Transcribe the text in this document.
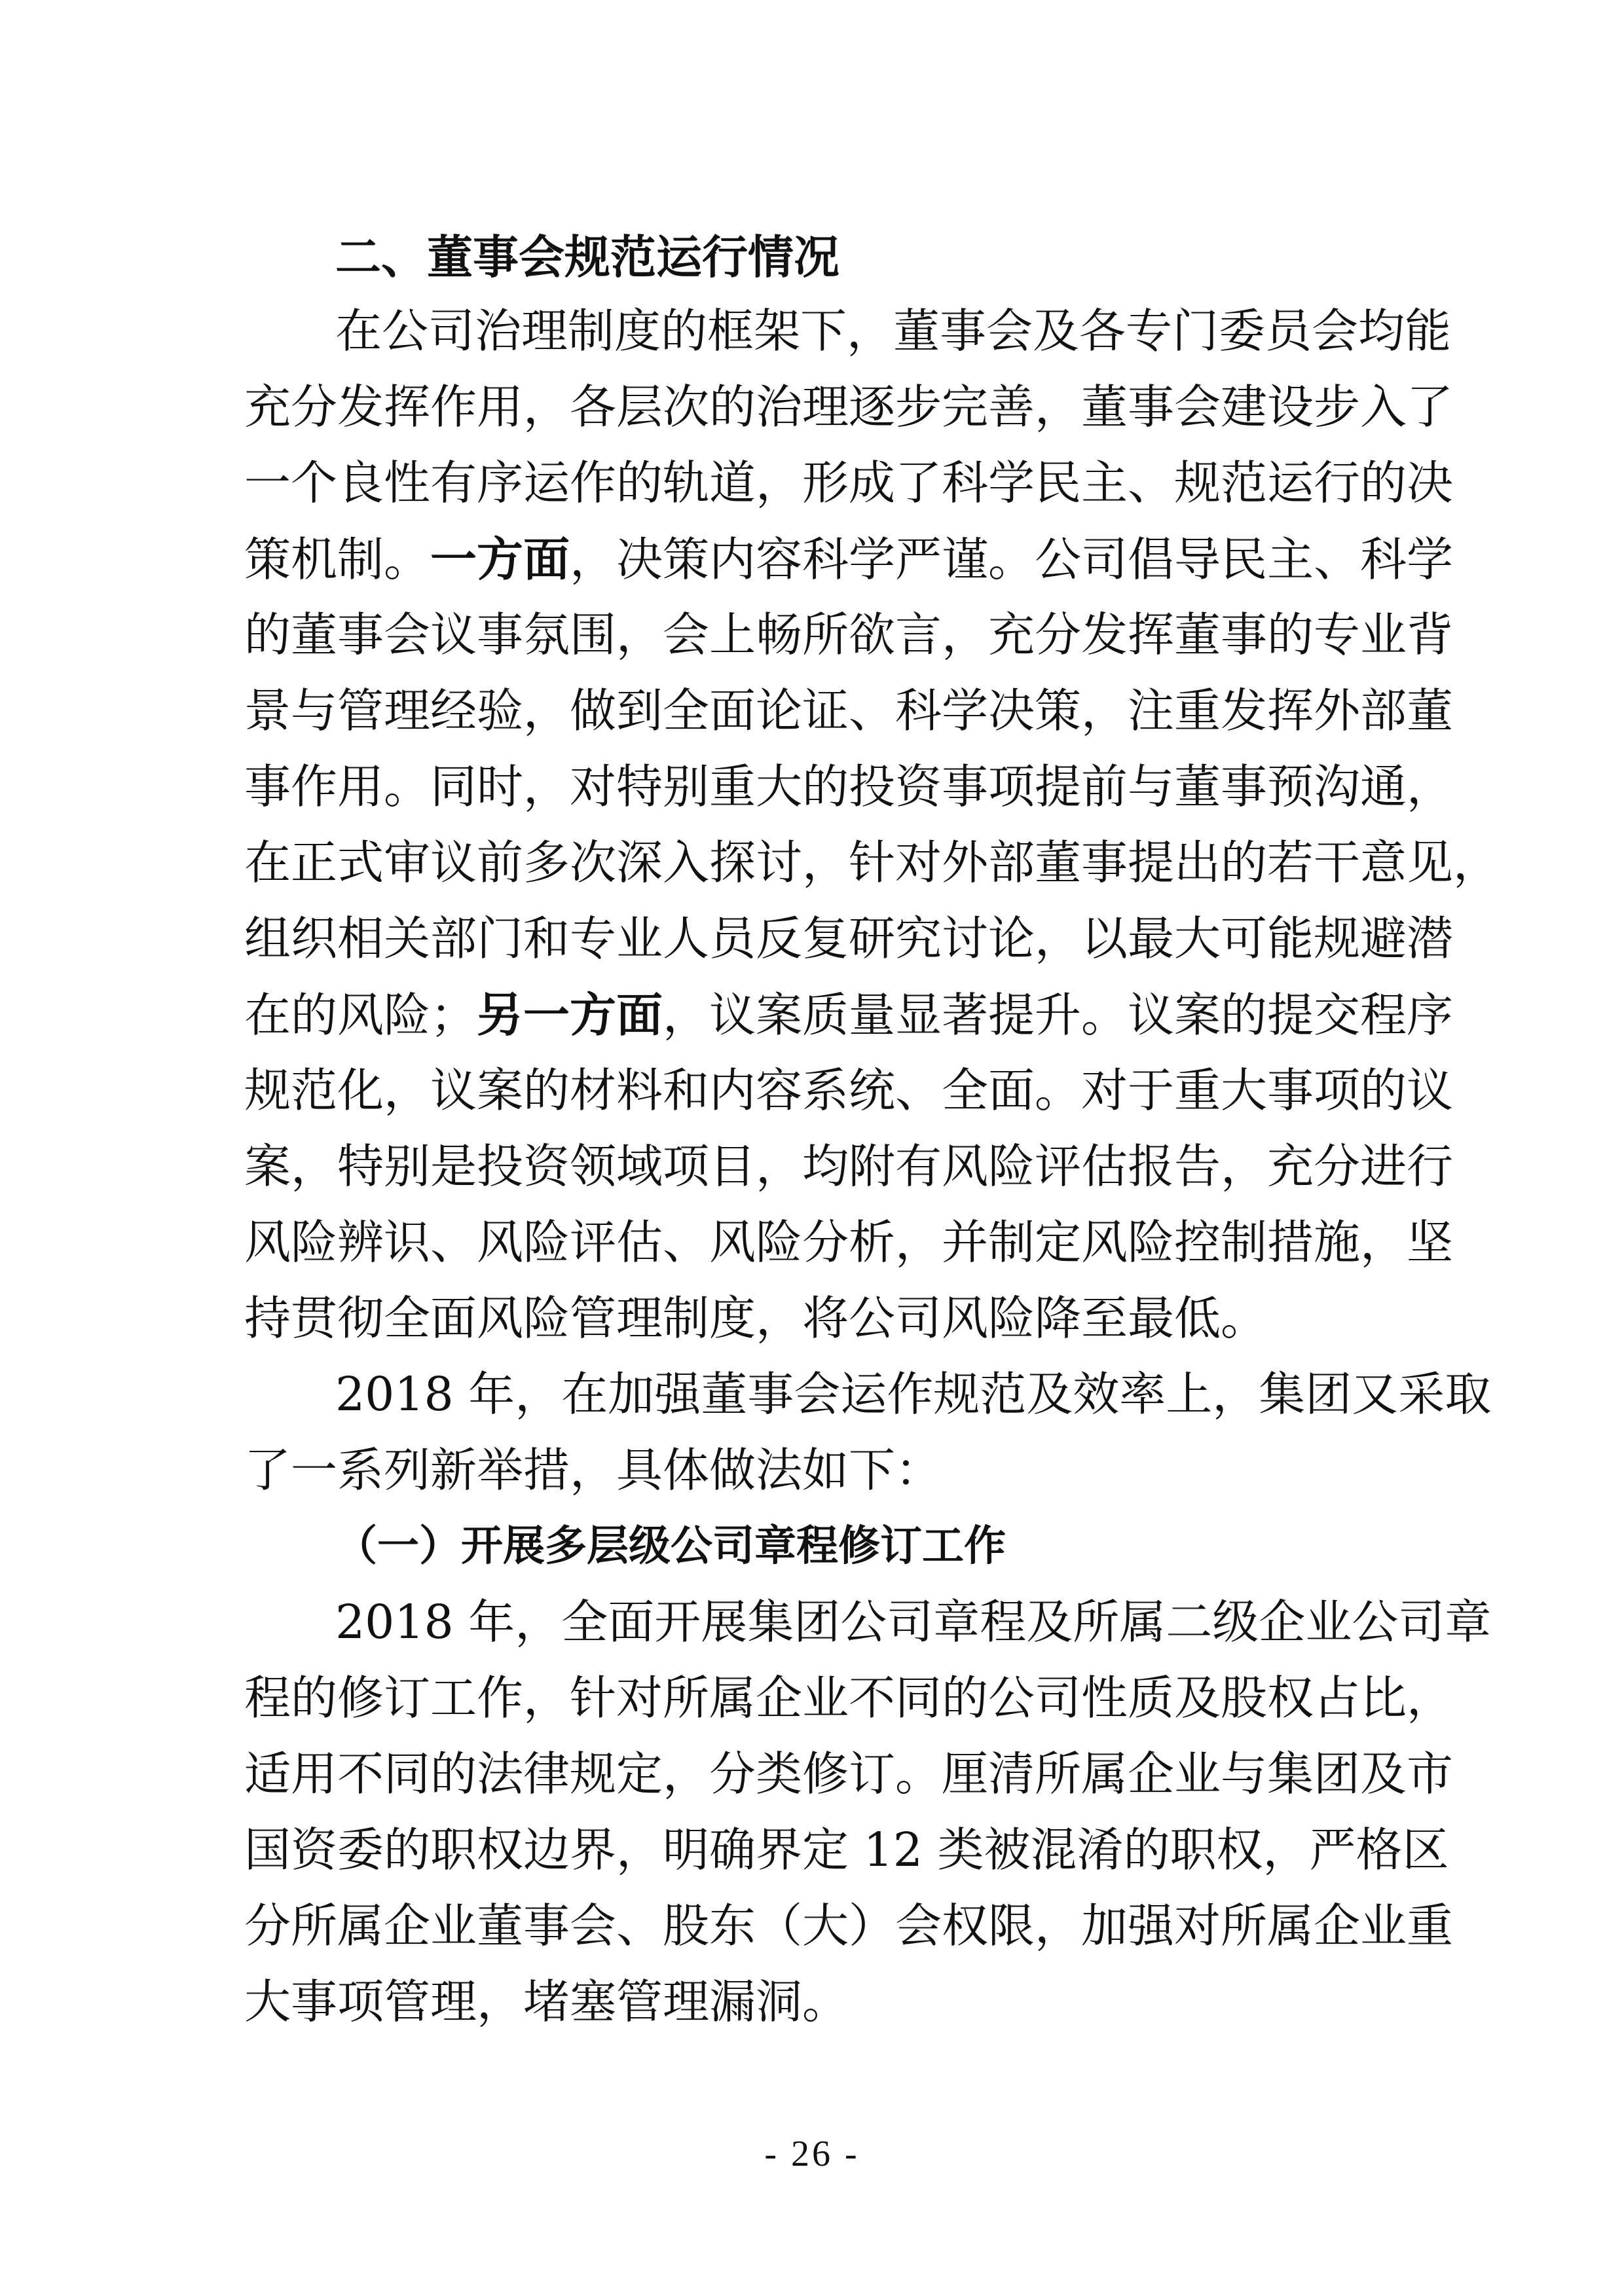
二、董事会规范运行情况
在公司治理制度的框架下，董事会及各专门委员会均能
充分发挥作用，各层次的治理逐步完善，董事会建设步入了
一个良性有序运作的轨道，形成了科学民主、规范运行的决
策机制。一方面，决策内容科学严谨。公司倡导民主、科学
的董事会议事氛围，会上畅所欲言，充分发挥董事的专业背
景与管理经验，做到全面论证、科学决策，注重发挥外部董
事作用。同时，对特别重大的投资事项提前与董事预沟通，
在正式审议前多次深入探讨，针对外部董事提出的若干意见，
组织相关部门和专业人员反复研究讨论，以最大可能规避潜
在的风险；另一方面，议案质量显著提升。议案的提交程序
规范化，议案的材料和内容系统、全面。对于重大事项的议
案，特别是投资领域项目，均附有风险评估报告，充分进行
风险辨识、风险评估、风险分析，并制定风险控制措施，坚
持贯彻全面风险管理制度，将公司风险降至最低。
2018 年，在加强董事会运作规范及效率上，集团又采取
了一系列新举措，具体做法如下：
（一）开展多层级公司章程修订工作
2018 年，全面开展集团公司章程及所属二级企业公司章
程的修订工作，针对所属企业不同的公司性质及股权占比，
适用不同的法律规定，分类修订。厘清所属企业与集团及市
国资委的职权边界，明确界定 12 类被混淆的职权，严格区
分所属企业董事会、股东（大）会权限，加强对所属企业重
大事项管理，堵塞管理漏洞。
- 26 -
